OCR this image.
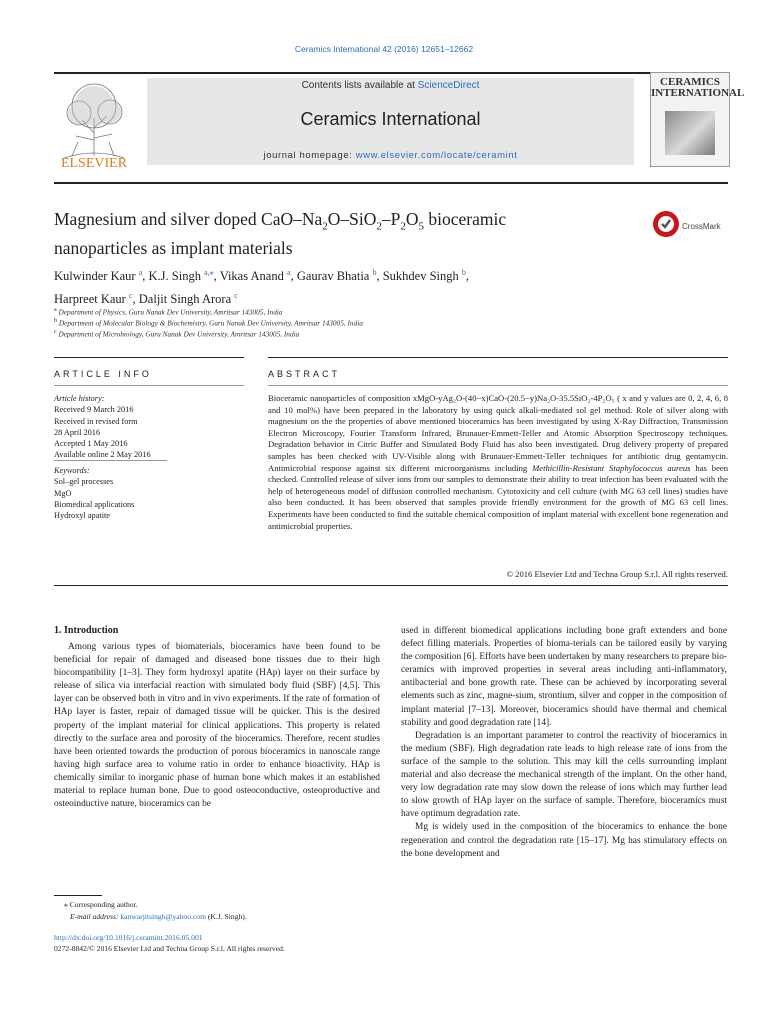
Ceramics International 42 (2016) 12651–12662
ELSEVIER
Contents lists available at ScienceDirect
Ceramics International
journal homepage: www.elsevier.com/locate/ceramint
CERAMICS
INTERNATIONAL
Magnesium and silver doped CaO–$Na_2O-SiO_2-P_2O_5$ bioceramic
nanoparticles as implant materials
CrossMark
Kulwinder Kaur $^a$, K.J. Singh $^{a,⁎}$, Vikas Anand $^a$, Gaurav Bhatia $^b$, Sukhdev Singh $^b$,
Harpreet Kaur $^c$, Daljit Singh Arora $^c$
$^a$ Department of Physics, Guru Nanak Dev University, Amritsar 143005, India
$^b$ Department of Molecular Biology & Biochemistry, Guru Nanak Dev University, Amritsar 143005, India
$^c$ Department of Microbiology, Guru Nanak Dev University, Amritsar 143005, India
ARTICLE INFO	ABSTRACT
Article history:
Received 9 March 2016
Received in revised form
28 April 2016
Accepted 1 May 2016
Available online 2 May 2016
Keywords:
Sol–gel processes
MgO
Biomedical applications
Hydroxyl apatite
Bioceramic nanoparticles of composition xMgO-yAg₂O-(40−x)CaO-(20.5−y)Na₂O-35.5SiO₂-4P₂O₅ ( x and y values are 0, 2, 4, 6, 8 and 10 mol%) have been prepared in the laboratory by using quick alkali-mediated sol gel method. Role of silver along with magnesium on the the properties of above mentioned bioceramics has been investigated by using X-Ray Diffraction, Transmission Electron Microscopy, Fourier Transform Infrared, Brunauer-Emmett-Teller and Atomic Absorption Spectroscopy techniques. Degradation behavior in Citric Buffer and Simulated Body Fluid has also been investigated. Drug delivery property of prepared samples has been checked with UV-Visible along with Brunauer-Emmett-Teller techniques for antibiotic drug gentamycin. Antimicrobial response against six different microorganisms including Methicillin-Resistant Staphylococcus aureus has been checked. Controlled release of silver ions from our samples to demonstrate their ability to treat infection has been evaluated with the help of heterogeneous model of diffusion controlled mechanism. Cytotoxicity and cell culture (with MG 63 cell lines) studies have also been conducted. It has been observed that samples provide friendly environment for the growth of MG 63 cell lines. Experiments have been conducted to find the suitable chemical composition of implant material with excellent bone regeneration and antimicrobial properties.
© 2016 Elsevier Ltd and Techna Group S.r.l. All rights reserved.
1. Introduction

Among various types of biomaterials, bioceramics have been found to be beneficial for repair of damaged and diseased bone tissues due to their high biocompatibility [1–3]. They form hydroxyl apatite (HAp) layer on their surface by release of silica via interfacial reaction with simulated body fluid (SBF) [4,5]. This layer can be observed both in vitro and in vivo experiments. If the rate of formation of HAp layer is faster, repair of damaged tissue will be quicker. This is the desired property of the implant material for clinical applications. This property is related directly to the surface area and porosity of the bioceramics. Therefore, recent studies have been oriented towards the production of porous bioceramics in nanoscale range having high surface area to volume ratio in order to enhance bioactivity. HAp is chemically similar to inorganic phase of human bone which makes it an established material to replace human bone. Due to good osteoconductive, osteoproductive and osteoinductive nature, bioceramics can be

used in different biomedical applications including bone graft extenders and bone defect filling materials. Properties of bioma-terials can be tailored easily by varying the composition [6]. Efforts have been undertaken by many researchers to prepare bio-ceramics with improved properties in several areas including anti-inflammatory, antibacterial and bone growth rate. These can be achieved by incorporating several elements such as zinc, magne-sium, strontium, silver and copper in the composition of implant material [7–13]. Moreover, bioceramics should have thermal and chemical stability and good degradation rate [14].

Degradation is an important parameter to control the reactivity of bioceramics in the medium (SBF). High degradation rate leads to high release rate of ions from the surface of the sample to the solution. This may kill the cells surrounding implant material and also decrease the mechanical strength of the implant. On the other hand, very low degradation rate may slow down the release of ions which may further lead to slow growth of HAp layer on the surface of sample. Therefore, bioceramics must have optimum degradation rate.

Mg is widely used in the composition of the bioceramics to enhance the bone regeneration and control the degradation rate [15–17]. Mg has stimulatory effects on the bone development and

⁎ Corresponding author.
E-mail address: kanwarjitsingh@yahoo.com (K.J. Singh).
http://dx.doi.org/10.1016/j.ceramint.2016.05.001
0272-8842/© 2016 Elsevier Ltd and Techna Group S.r.l. All rights reserved.
